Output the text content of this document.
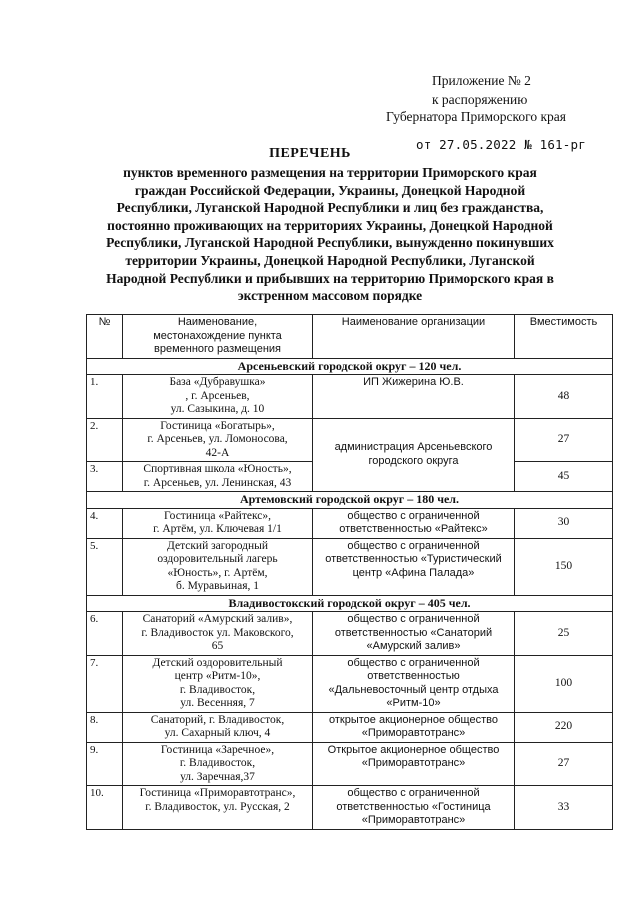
Приложение № 2
к распоряжению
Губернатора Приморского края
от 27.05.2022 № 161-рг
ПЕРЕЧЕНЬ
пунктов временного размещения на территории Приморского края
граждан Российской Федерации, Украины, Донецкой Народной
Республики, Луганской Народной Республики и лиц без гражданства,
постоянно проживающих на территориях Украины, Донецкой Народной
Республики, Луганской Народной Республики, вынужденно покинувших
территории Украины, Донецкой Народной Республики, Луганской
Народной Республики и прибывших на территорию Приморского края в
экстренном массовом порядке
№	Наименование,
местонахождение пункта
временного размещения	Наименование организации	Вместимость
Арсеньевский городской округ – 120 чел.			
1.	База «Дубравушка»
, г. Арсеньев,
ул. Сазыкина, д. 10	ИП Жижерина Ю.В.	48
2.	Гостиница «Богатырь»,
г. Арсеньев, ул. Ломоносова,
42-А	администрация Арсеньевского
городского округа	27
3.	Спортивная школа «Юность»,
г. Арсеньев, ул. Ленинская, 43		45
Артемовский городской округ – 180 чел.			
4.	Гостиница «Райтекс»,
г. Артём, ул. Ключевая 1/1	общество с ограниченной
ответственностью «Райтекс»	30
5.	Детский загородный
оздоровительный лагерь
«Юность», г. Артём,
б. Муравьиная, 1	общество с ограниченной
ответственностью «Туристический
центр «Афина Палада»	150
Владивостокский городской округ – 405 чел.			
6.	Санаторий «Амурский залив»,
г. Владивосток ул. Маковского,
65	общество с ограниченной
ответственностью «Санаторий
«Амурский залив»	25
7.	Детский оздоровительный
центр «Ритм-10»,
г. Владивосток,
ул. Весенняя, 7	общество с ограниченной
ответственностью
«Дальневосточный центр отдыха
«Ритм-10»	100
8.	Санаторий, г. Владивосток,
ул. Сахарный ключ, 4	открытое акционерное общество
«Приморавтотранс»	220
9.	Гостиница «Заречное»,
г. Владивосток,
ул. Заречная,37	Открытое акционерное общество
«Приморавтотранс»	27
10.	Гостиница «Приморавтотранс»,
г. Владивосток, ул. Русская, 2	общество с ограниченной
ответственностью «Гостиница
«Приморавтотранс»	33
